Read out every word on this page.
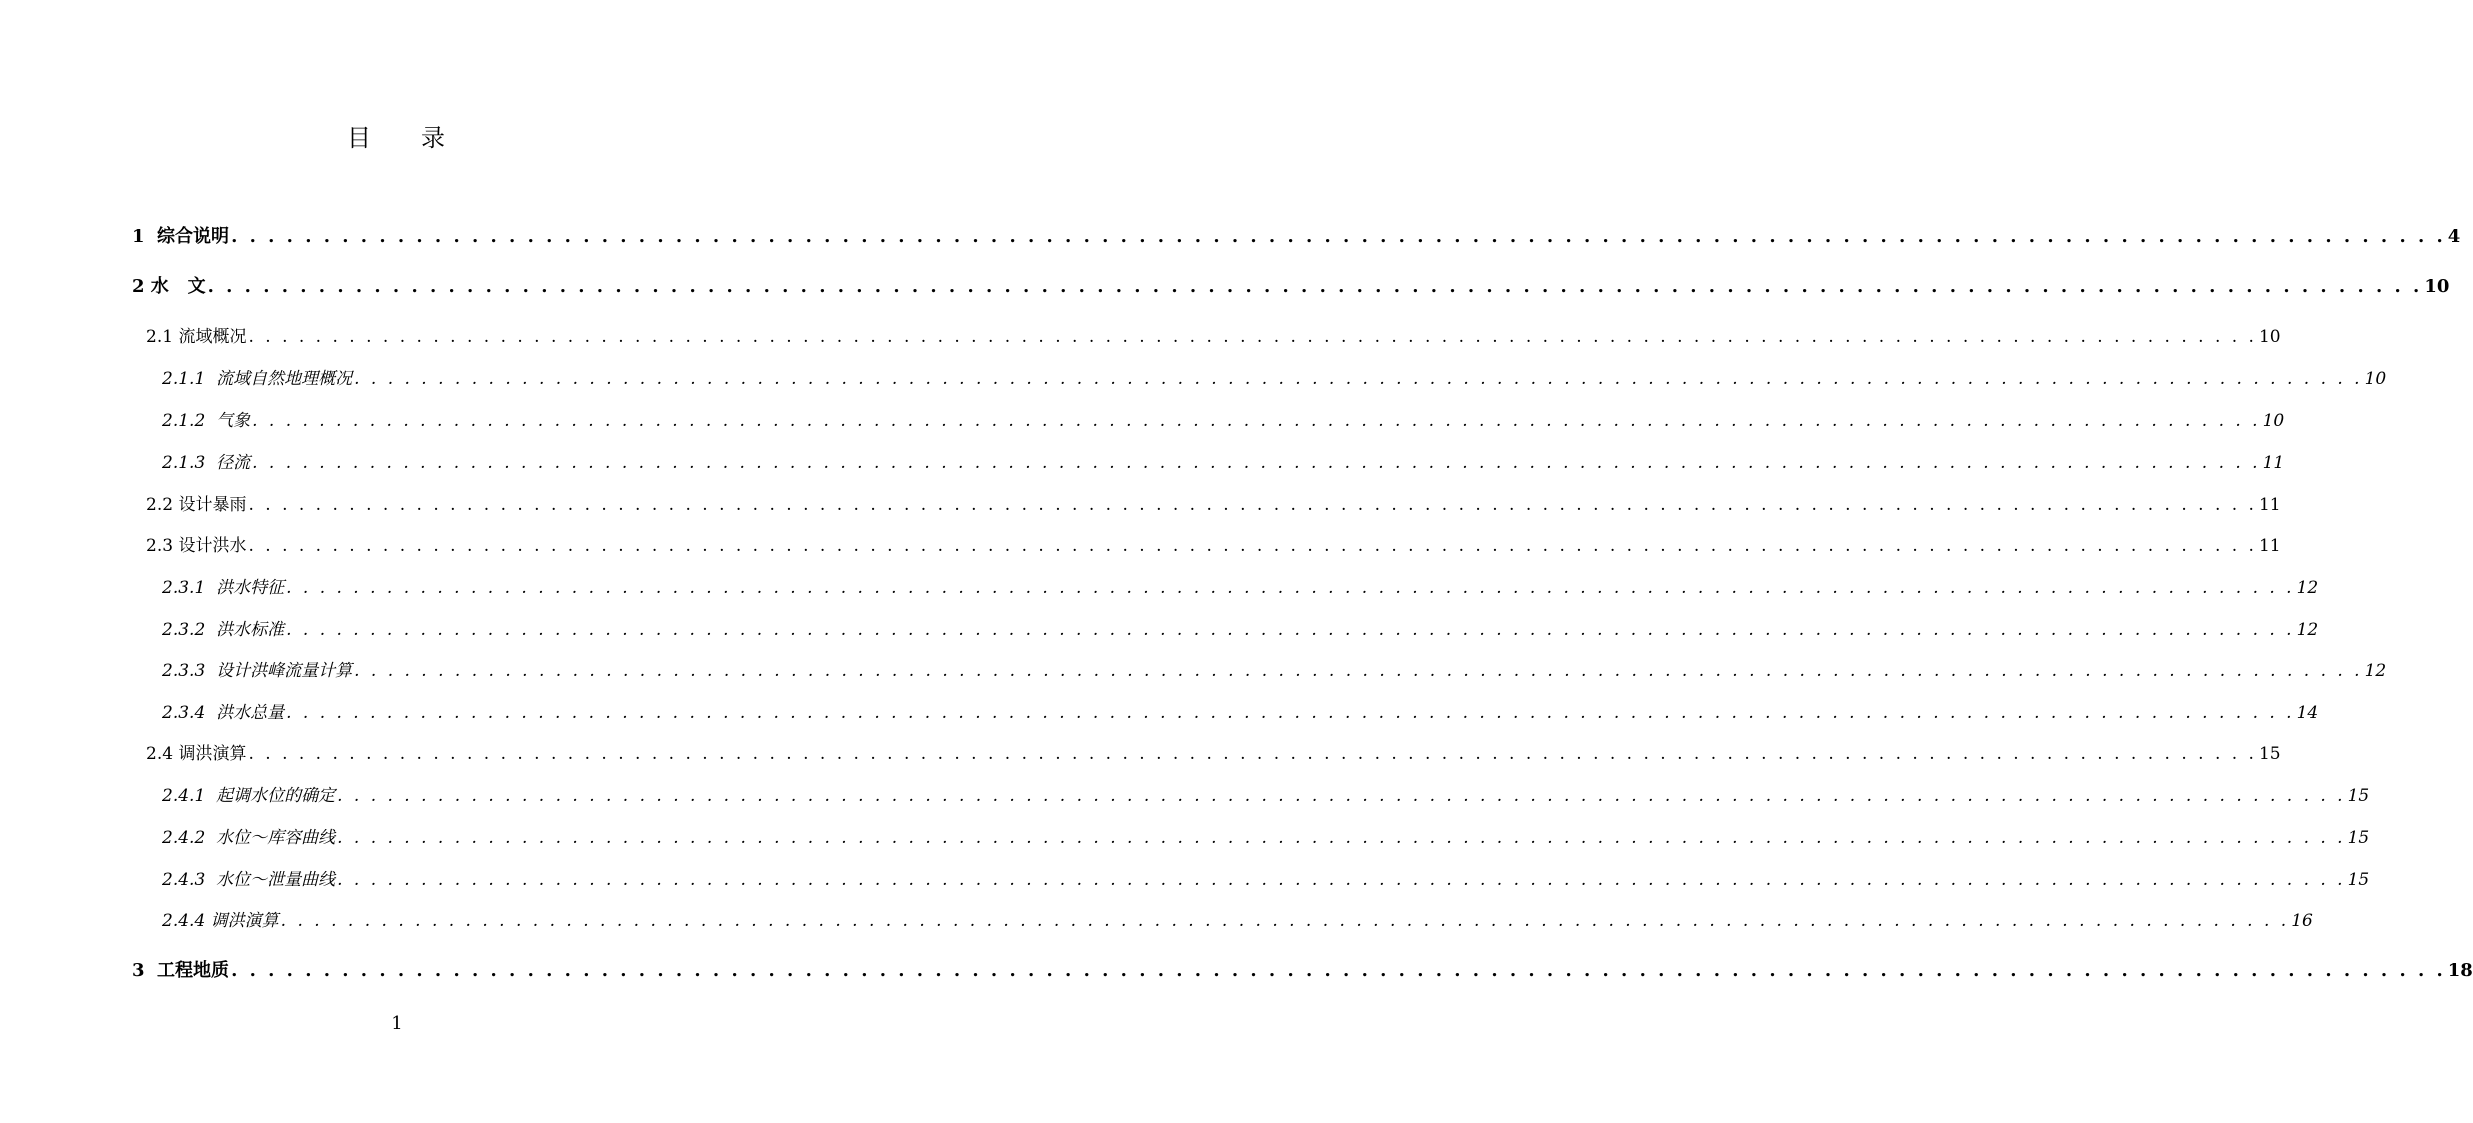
目 录
1  综合说明 . . . . . . . . . . . . . . . . . . . . . . . . . . . . . . . . . . . . . . . . . . . . . . . . . . . . . . . . . . . . . . . . . . . . . . . . . . . . . . . . . . . . . . . . . . . . . . . . . . . . . . . . . . . . . . . . . . . . . . . . 4
2 水   文 . . . . . . . . . . . . . . . . . . . . . . . . . . . . . . . . . . . . . . . . . . . . . . . . . . . . . . . . . . . . . . . . . . . . . . . . . . . . . . . . . . . . . . . . . . . . . . . . . . . . . . . . . . . . . . . . . . . . . . . . 10
2.1 流域概况 . . . . . . . . . . . . . . . . . . . . . . . . . . . . . . . . . . . . . . . . . . . . . . . . . . . . . . . . . . . . . . . . . . . . . . . . . . . . . . . . . . . . . . . . . . . . . . . . . . . . . . . . . . . . . . . . . . . . . . . . 10
2.1.1  流域自然地理概况 . . . . . . . . . . . . . . . . . . . . . . . . . . . . . . . . . . . . . . . . . . . . . . . . . . . . . . . . . . . . . . . . . . . . . . . . . . . . . . . . . . . . . . . . . . . . . . . . . . . . . . . . . . . . . . . . . . . . . . . . 10
2.1.2  气象 . . . . . . . . . . . . . . . . . . . . . . . . . . . . . . . . . . . . . . . . . . . . . . . . . . . . . . . . . . . . . . . . . . . . . . . . . . . . . . . . . . . . . . . . . . . . . . . . . . . . . . . . . . . . . . . . . . . . . . . . 10
2.1.3  径流 . . . . . . . . . . . . . . . . . . . . . . . . . . . . . . . . . . . . . . . . . . . . . . . . . . . . . . . . . . . . . . . . . . . . . . . . . . . . . . . . . . . . . . . . . . . . . . . . . . . . . . . . . . . . . . . . . . . . . . . . 11
2.2 设计暴雨 . . . . . . . . . . . . . . . . . . . . . . . . . . . . . . . . . . . . . . . . . . . . . . . . . . . . . . . . . . . . . . . . . . . . . . . . . . . . . . . . . . . . . . . . . . . . . . . . . . . . . . . . . . . . . . . . . . . . . . . . 11
2.3 设计洪水 . . . . . . . . . . . . . . . . . . . . . . . . . . . . . . . . . . . . . . . . . . . . . . . . . . . . . . . . . . . . . . . . . . . . . . . . . . . . . . . . . . . . . . . . . . . . . . . . . . . . . . . . . . . . . . . . . . . . . . . . 11
2.3.1  洪水特征 . . . . . . . . . . . . . . . . . . . . . . . . . . . . . . . . . . . . . . . . . . . . . . . . . . . . . . . . . . . . . . . . . . . . . . . . . . . . . . . . . . . . . . . . . . . . . . . . . . . . . . . . . . . . . . . . . . . . . . . . 12
2.3.2  洪水标准 . . . . . . . . . . . . . . . . . . . . . . . . . . . . . . . . . . . . . . . . . . . . . . . . . . . . . . . . . . . . . . . . . . . . . . . . . . . . . . . . . . . . . . . . . . . . . . . . . . . . . . . . . . . . . . . . . . . . . . . . 12
2.3.3  设计洪峰流量计算 . . . . . . . . . . . . . . . . . . . . . . . . . . . . . . . . . . . . . . . . . . . . . . . . . . . . . . . . . . . . . . . . . . . . . . . . . . . . . . . . . . . . . . . . . . . . . . . . . . . . . . . . . . . . . . . . . . . . . . . . 12
2.3.4  洪水总量 . . . . . . . . . . . . . . . . . . . . . . . . . . . . . . . . . . . . . . . . . . . . . . . . . . . . . . . . . . . . . . . . . . . . . . . . . . . . . . . . . . . . . . . . . . . . . . . . . . . . . . . . . . . . . . . . . . . . . . . . 14
2.4 调洪演算 . . . . . . . . . . . . . . . . . . . . . . . . . . . . . . . . . . . . . . . . . . . . . . . . . . . . . . . . . . . . . . . . . . . . . . . . . . . . . . . . . . . . . . . . . . . . . . . . . . . . . . . . . . . . . . . . . . . . . . . . 15
2.4.1  起调水位的确定 . . . . . . . . . . . . . . . . . . . . . . . . . . . . . . . . . . . . . . . . . . . . . . . . . . . . . . . . . . . . . . . . . . . . . . . . . . . . . . . . . . . . . . . . . . . . . . . . . . . . . . . . . . . . . . . . . . . . . . . . 15
2.4.2  水位～库容曲线 . . . . . . . . . . . . . . . . . . . . . . . . . . . . . . . . . . . . . . . . . . . . . . . . . . . . . . . . . . . . . . . . . . . . . . . . . . . . . . . . . . . . . . . . . . . . . . . . . . . . . . . . . . . . . . . . . . . . . . . . 15
2.4.3  水位～泄量曲线 . . . . . . . . . . . . . . . . . . . . . . . . . . . . . . . . . . . . . . . . . . . . . . . . . . . . . . . . . . . . . . . . . . . . . . . . . . . . . . . . . . . . . . . . . . . . . . . . . . . . . . . . . . . . . . . . . . . . . . . . 15
2.4.4 调洪演算 . . . . . . . . . . . . . . . . . . . . . . . . . . . . . . . . . . . . . . . . . . . . . . . . . . . . . . . . . . . . . . . . . . . . . . . . . . . . . . . . . . . . . . . . . . . . . . . . . . . . . . . . . . . . . . . . . . . . . . . . 16
3  工程地质 . . . . . . . . . . . . . . . . . . . . . . . . . . . . . . . . . . . . . . . . . . . . . . . . . . . . . . . . . . . . . . . . . . . . . . . . . . . . . . . . . . . . . . . . . . . . . . . . . . . . . . . . . . . . . . . . . . . . . . . . 18
1
